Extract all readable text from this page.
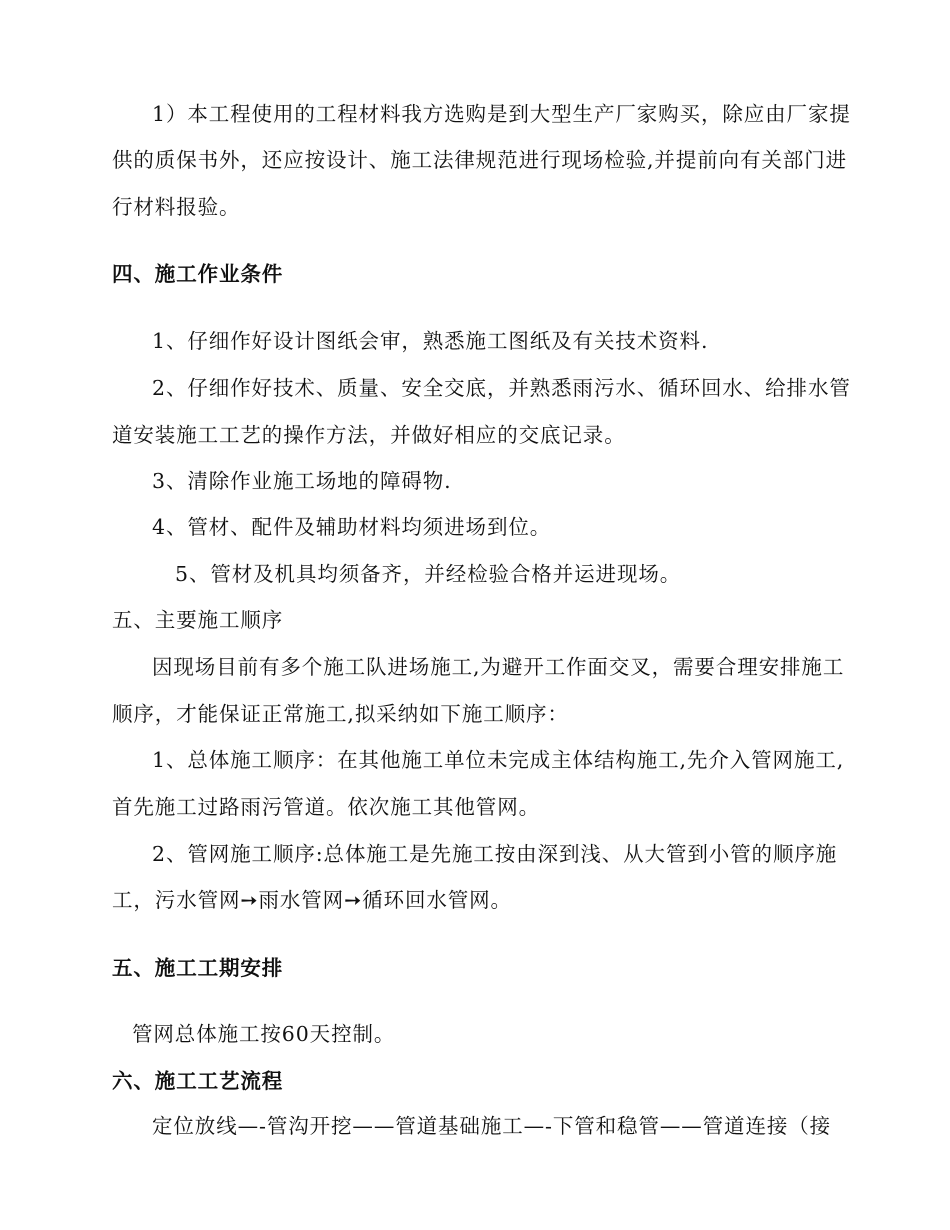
1）本工程使用的工程材料我方选购是到大型生产厂家购买，除应由厂家提
供的质保书外，还应按设计、施工法律规范进行现场检验,并提前向有关部门进
行材料报验。
四、施工作业条件
1、仔细作好设计图纸会审，熟悉施工图纸及有关技术资料.
2、仔细作好技术、质量、安全交底，并熟悉雨污水、循环回水、给排水管
道安装施工工艺的操作方法，并做好相应的交底记录。
3、清除作业施工场地的障碍物.
4、管材、配件及辅助材料均须进场到位。
5、管材及机具均须备齐，并经检验合格并运进现场。
五、主要施工顺序
因现场目前有多个施工队进场施工,为避开工作面交叉，需要合理安排施工
顺序，才能保证正常施工,拟采纳如下施工顺序：
1、总体施工顺序：在其他施工单位未完成主体结构施工,先介入管网施工,
首先施工过路雨污管道。依次施工其他管网。
2、管网施工顺序:总体施工是先施工按由深到浅、从大管到小管的顺序施
工，污水管网➙雨水管网➙循环回水管网。
五、施工工期安排
管网总体施工按60天控制。
六、施工工艺流程
定位放线—-管沟开挖——管道基础施工—-下管和稳管——管道连接（接
